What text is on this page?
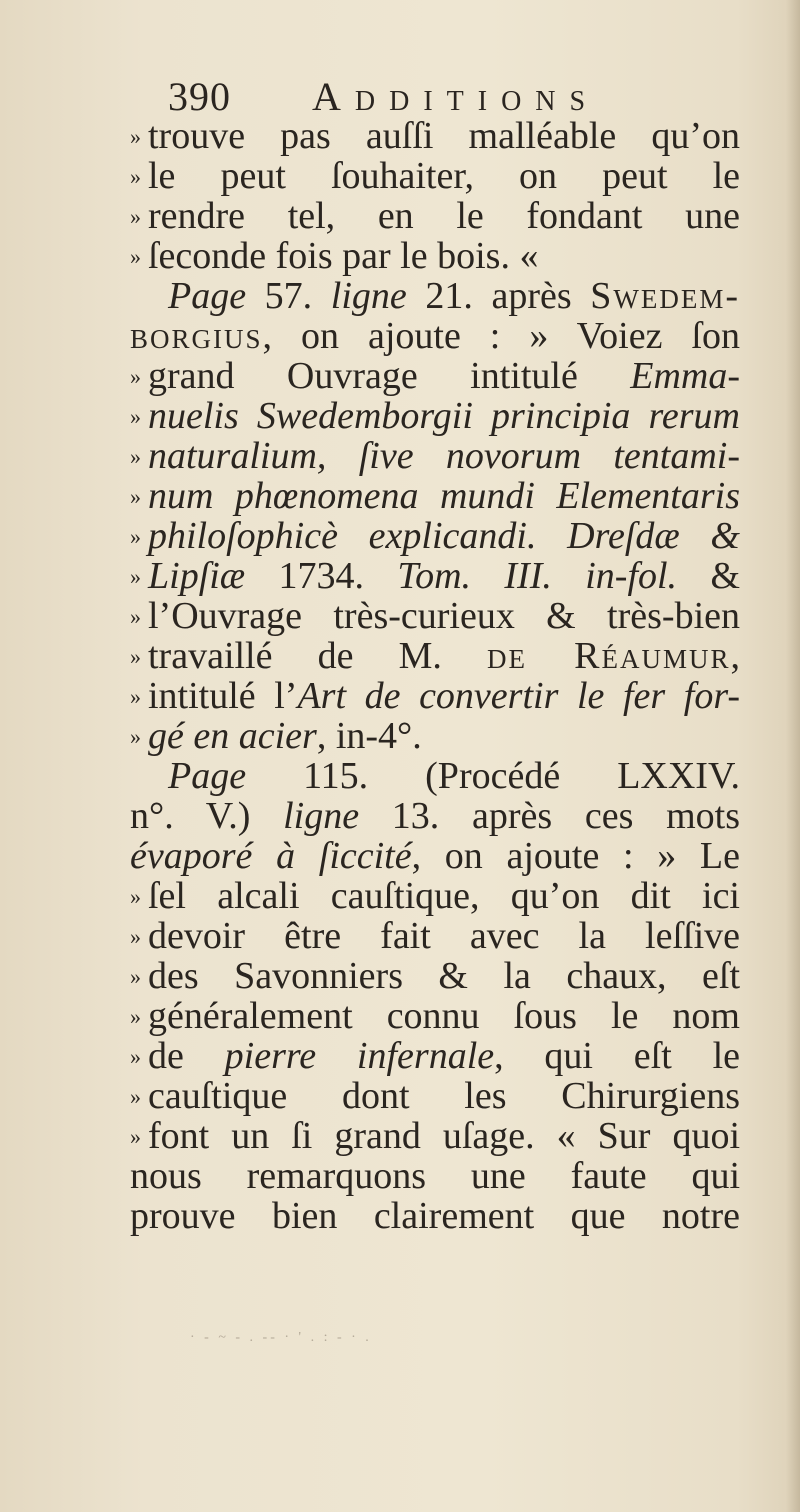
390 Additions
» trouve pas auſſi malléable qu’on
» le peut ſouhaiter, on peut le
» rendre tel, en le fondant une
» ſeconde fois par le bois. «
Page 57. ligne 21. après Swedem-
borgius, on ajoute : » Voiez ſon
» grand Ouvrage intitulé Emma-
» nuelis Swedemborgii principia rerum
» naturalium, ſive novorum tentami-
» num phœnomena mundi Elementaris
» philoſophicè explicandi. Dreſdæ &
» Lipſiæ 1734. Tom. III. in-fol. &
» l’Ouvrage très-curieux & très-bien
» travaillé de M. de Réaumur,
» intitulé l’Art de convertir le fer for-
» gé en acier, in-4°.
Page 115. (Procédé LXXIV.
n°. V.) ligne 13. après ces mots
évaporé à ſiccité, on ajoute : » Le
» ſel alcali cauſtique, qu’on dit ici
» devoir être fait avec la leſſive
» des Savonniers & la chaux, eſt
» généralement connu ſous le nom
» de pierre infernale, qui eſt le
» cauſtique dont les Chirurgiens
» font un ſi grand uſage. « Sur quoi
nous remarquons une faute qui
prouve bien clairement que notre
· - ~ - . -- · ' . : - · .
